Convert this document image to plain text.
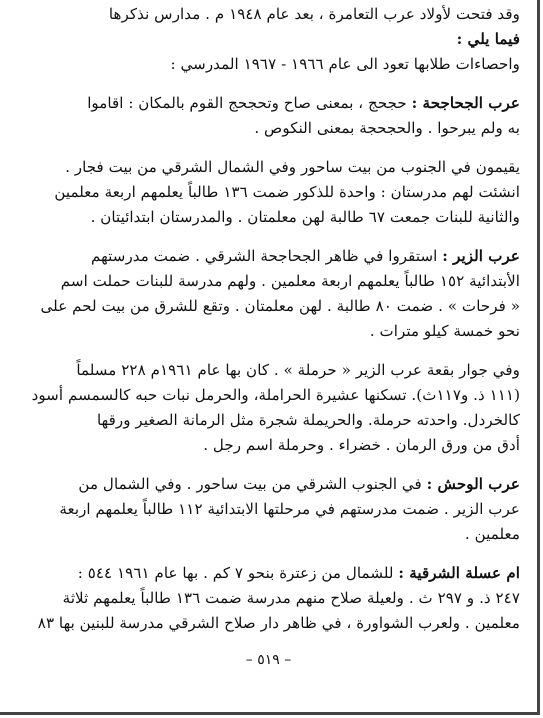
وقد فتحت لأولاد عرب التعامرة ، بعد عام ١٩٤٨ م . مدارس نذكرها
فيما يلي :
واحصاءات طلابها تعود الى عام ١٩٦٦ - ١٩٦٧ المدرسي :
عرب الجحاجحة : حجحج ، بمعنى صاح وتحجحج القوم بالمكان : اقاموا
به ولم يبرحوا . والحجحجة بمعنى النكوص .
يقيمون في الجنوب من بيت ساحور وفي الشمال الشرقي من بيت فجار .
انشئت لهم مدرستان : واحدة للذكور ضمت ١٣٦ طالباً يعلمهم اربعة معلمين
والثانية للبنات جمعت ٦٧ طالبة لهن معلمتان . والمدرستان ابتدائيتان .
عرب الزير : استقروا في ظاهر الجحاجحة الشرقي . ضمت مدرستهم
الأبتدائية ١٥٢ طالباً يعلمهم اربعة معلمين . ولهم مدرسة للبنات حملت اسم
« فرحات » . ضمت ٨٠ طالبة . لهن معلمتان . وتقع للشرق من بيت لحم على
نحو خمسة كيلو مترات .
وفي جوار بقعة عرب الزير « حرملة » . كان بها عام ١٩٦١م ٢٢٨ مسلماً
(١١١ ذ. و١١٧ث). تسكنها عشيرة الحراملة، والحرمل نبات حبه كالسمسم أسود
كالخردل. واحدته حرملة. والحريملة شجرة مثل الرمانة الصغير ورقها
أدق من ورق الرمان . خضراء . وحرملة اسم رجل .
عرب الوحش : في الجنوب الشرقي من بيت ساحور . وفي الشمال من
عرب الزير . ضمت مدرستهم في مرحلتها الابتدائية ١١٢ طالباً يعلمهم اربعة
معلمين .
ام عسلة الشرقية : للشمال من زعترة بنحو ٧ كم . بها عام ١٩٦١ ٥٤٤ :
٢٤٧ ذ. و ٢٩٧ ث . ولعيلة صلاح منهم مدرسة ضمت ١٣٦ طالباً يعلمهم ثلاثة
معلمين . ولعرب الشواورة ، في ظاهر دار صلاح الشرقي مدرسة للبنين بها ٨٣
– ٥١٩ –
